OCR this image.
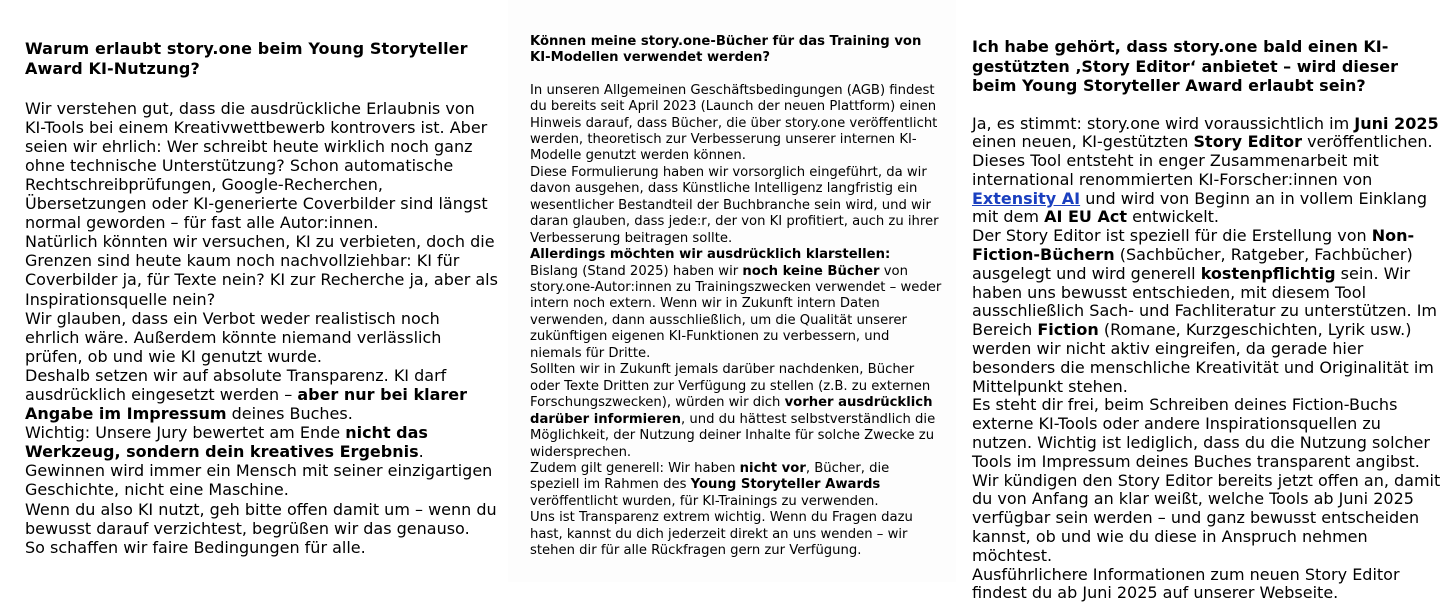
Warum erlaubt story.one beim Young Storyteller Award KI-Nutzung?

Wir verstehen gut, dass die ausdrückliche Erlaubnis von KI-Tools bei einem Kreativwettbewerb kontrovers ist. Aber seien wir ehrlich: Wer schreibt heute wirklich noch ganz ohne technische Unterstützung? Schon automatische Rechtschreibprüfungen, Google-Recherchen, Übersetzungen oder KI-generierte Coverbilder sind längst normal geworden – für fast alle Autor:innen.

Natürlich könnten wir versuchen, KI zu verbieten, doch die Grenzen sind heute kaum noch nachvollziehbar: KI für Coverbilder ja, für Texte nein? KI zur Recherche ja, aber als Inspirationsquelle nein?

Wir glauben, dass ein Verbot weder realistisch noch ehrlich wäre. Außerdem könnte niemand verlässlich prüfen, ob und wie KI genutzt wurde.

Deshalb setzen wir auf absolute Transparenz. KI darf ausdrücklich eingesetzt werden – aber nur bei klarer Angabe im Impressum deines Buches.

Wichtig: Unsere Jury bewertet am Ende nicht das Werkzeug, sondern dein kreatives Ergebnis. Gewinnen wird immer ein Mensch mit seiner einzigartigen Geschichte, nicht eine Maschine.

Wenn du also KI nutzt, geh bitte offen damit um – wenn du bewusst darauf verzichtest, begrüßen wir das genauso.

So schaffen wir faire Bedingungen für alle.

Können meine story.one-Bücher für das Training von KI-Modellen verwendet werden?

In unseren Allgemeinen Geschäftsbedingungen (AGB) findest du bereits seit April 2023 (Launch der neuen Plattform) einen Hinweis darauf, dass Bücher, die über story.one veröffentlicht werden, theoretisch zur Verbesserung unserer internen KI-Modelle genutzt werden können.

Diese Formulierung haben wir vorsorglich eingeführt, da wir davon ausgehen, dass Künstliche Intelligenz langfristig ein wesentlicher Bestandteil der Buchbranche sein wird, und wir daran glauben, dass jede:r, der von KI profitiert, auch zu ihrer Verbesserung beitragen sollte.

Allerdings möchten wir ausdrücklich klarstellen:

Bislang (Stand 2025) haben wir noch keine Bücher von story.one-Autor:innen zu Trainingszwecken verwendet – weder intern noch extern. Wenn wir in Zukunft intern Daten verwenden, dann ausschließlich, um die Qualität unserer zukünftigen eigenen KI-Funktionen zu verbessern, und niemals für Dritte.

Sollten wir in Zukunft jemals darüber nachdenken, Bücher oder Texte Dritten zur Verfügung zu stellen (z.B. zu externen Forschungszwecken), würden wir dich vorher ausdrücklich darüber informieren, und du hättest selbstverständlich die Möglichkeit, der Nutzung deiner Inhalte für solche Zwecke zu widersprechen.

Zudem gilt generell: Wir haben nicht vor, Bücher, die speziell im Rahmen des Young Storyteller Awards veröffentlicht wurden, für KI-Trainings zu verwenden.

Uns ist Transparenz extrem wichtig. Wenn du Fragen dazu hast, kannst du dich jederzeit direkt an uns wenden – wir stehen dir für alle Rückfragen gern zur Verfügung.

Ich habe gehört, dass story.one bald einen KI-gestützten ‚Story Editor‘ anbietet – wird dieser beim Young Storyteller Award erlaubt sein?

Ja, es stimmt: story.one wird voraussichtlich im Juni 2025 einen neuen, KI-gestützten Story Editor veröffentlichen.

Dieses Tool entsteht in enger Zusammenarbeit mit international renommierten KI-Forscher:innen von Extensity AI und wird von Beginn an in vollem Einklang mit dem AI EU Act entwickelt.

Der Story Editor ist speziell für die Erstellung von Non-Fiction-Büchern (Sachbücher, Ratgeber, Fachbücher) ausgelegt und wird generell kostenpflichtig sein. Wir haben uns bewusst entschieden, mit diesem Tool ausschließlich Sach- und Fachliteratur zu unterstützen. Im Bereich Fiction (Romane, Kurzgeschichten, Lyrik usw.) werden wir nicht aktiv eingreifen, da gerade hier besonders die menschliche Kreativität und Originalität im Mittelpunkt stehen.

Es steht dir frei, beim Schreiben deines Fiction-Buchs externe KI-Tools oder andere Inspirationsquellen zu nutzen. Wichtig ist lediglich, dass du die Nutzung solcher Tools im Impressum deines Buches transparent angibst.

Wir kündigen den Story Editor bereits jetzt offen an, damit du von Anfang an klar weißt, welche Tools ab Juni 2025 verfügbar sein werden – und ganz bewusst entscheiden kannst, ob und wie du diese in Anspruch nehmen möchtest.

Ausführlichere Informationen zum neuen Story Editor findest du ab Juni 2025 auf unserer Webseite.
